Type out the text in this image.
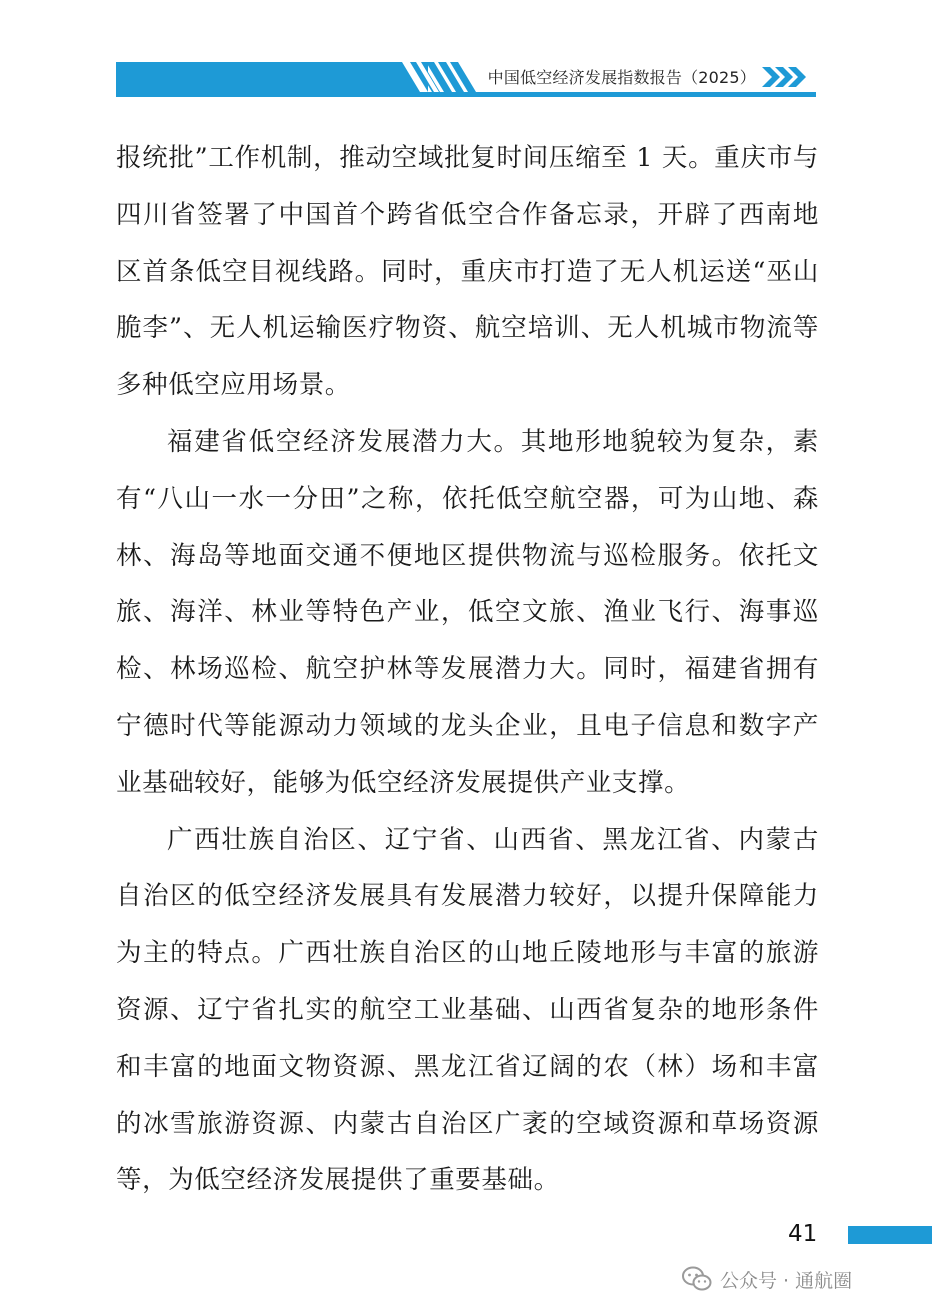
中国低空经济发展指数报告（2025）

报统批”工作机制，推动空域批复时间压缩至 1 天。重庆市与四川省签署了中国首个跨省低空合作备忘录，开辟了西南地区首条低空目视线路。同时，重庆市打造了无人机运送“巫山脆李”、无人机运输医疗物资、航空培训、无人机城市物流等多种低空应用场景。

福建省低空经济发展潜力大。其地形地貌较为复杂，素有“八山一水一分田”之称，依托低空航空器，可为山地、森林、海岛等地面交通不便地区提供物流与巡检服务。依托文旅、海洋、林业等特色产业，低空文旅、渔业飞行、海事巡检、林场巡检、航空护林等发展潜力大。同时，福建省拥有宁德时代等能源动力领域的龙头企业，且电子信息和数字产业基础较好，能够为低空经济发展提供产业支撑。

广西壮族自治区、辽宁省、山西省、黑龙江省、内蒙古自治区的低空经济发展具有发展潜力较好，以提升保障能力为主的特点。广西壮族自治区的山地丘陵地形与丰富的旅游资源、辽宁省扎实的航空工业基础、山西省复杂的地形条件和丰富的地面文物资源、黑龙江省辽阔的农（林）场和丰富的冰雪旅游资源、内蒙古自治区广袤的空域资源和草场资源等，为低空经济发展提供了重要基础。

41
公众号 · 通航圈
